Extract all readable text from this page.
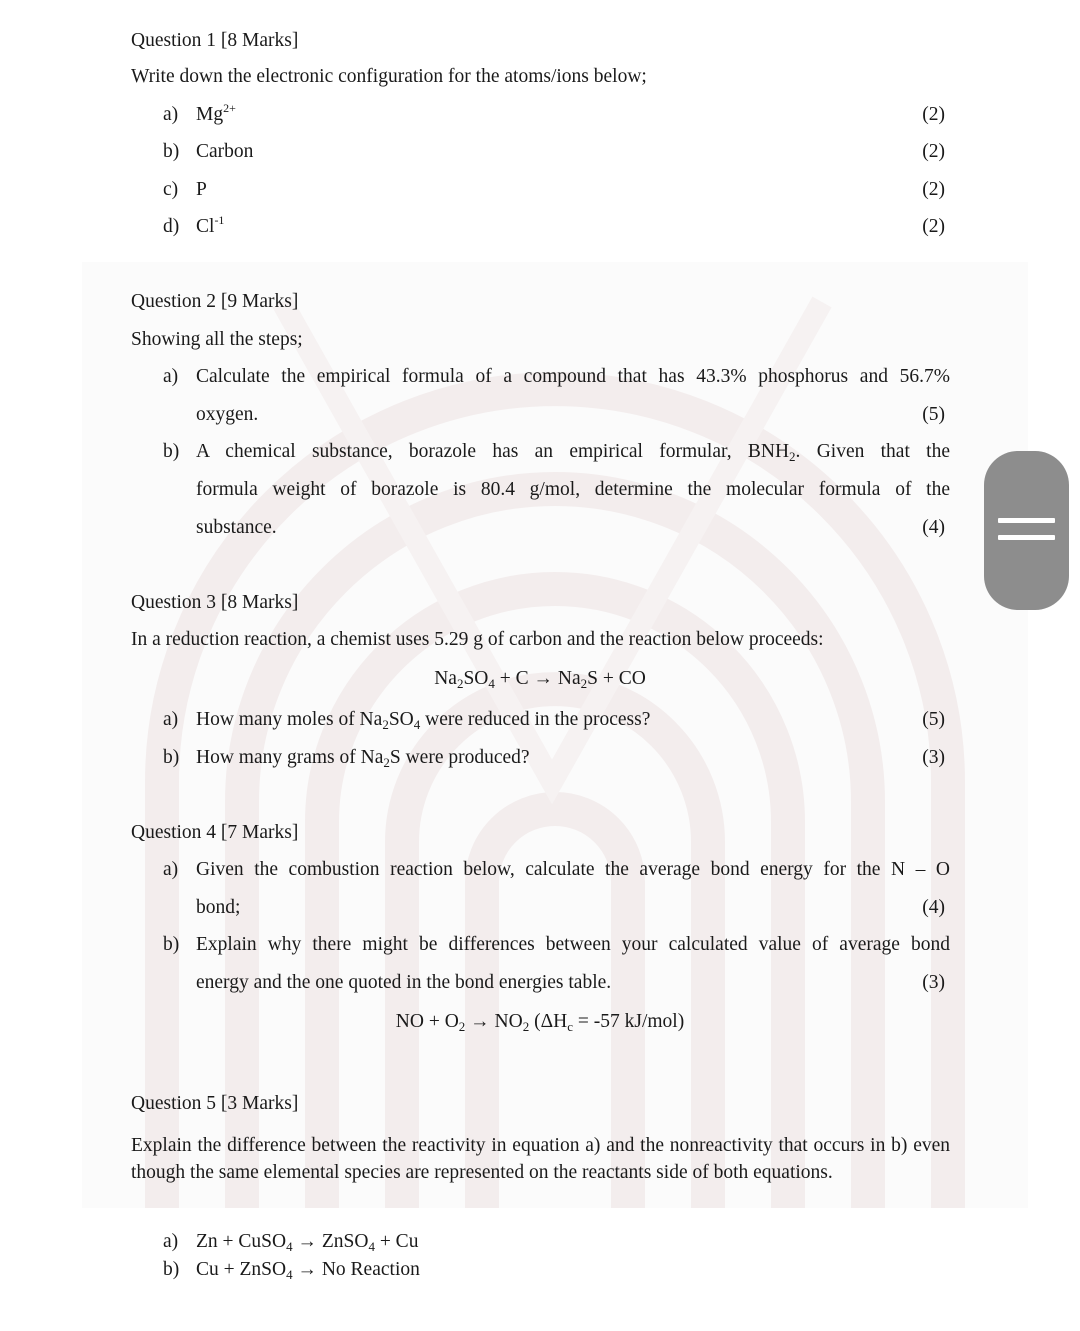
Question 1 [8 Marks]
Write down the electronic configuration for the atoms/ions below;
a) $Mg^{2+}$	(2)
b) Carbon	(2)
c) P	(2)
d) $Cl^{-1}$	(2)
Question 2 [9 Marks]
Showing all the steps;
a) Calculate the empirical formula of a compound that has 43.3% phosphorus and 56.7%
oxygen.	(5)
b) A chemical substance, borazole has an empirical formular, $BNH_2$. Given that the
formula weight of borazole is 80.4 g/mol, determine the molecular formula of the
substance.	(4)
Question 3 [8 Marks]
In a reduction reaction, a chemist uses 5.29 g of carbon and the reaction below proceeds:
$Na_2SO_4 + C \to Na_2S$ + CO
a) How many moles of $Na_2SO_4$ were reduced in the process?	(5)
b) How many grams of $Na_2S$ were produced?	(3)
Question 4 [7 Marks]
a) Given the combustion reaction below, calculate the average bond energy for the N – O
bond;	(4)
b) Explain why there might be differences between your calculated value of average bond
energy and the one quoted in the bond energies table.	(3)
NO + $O_2 \to NO_2$ ($\Delta H_c = -57$ kJ/mol)
Question 5 [3 Marks]
Explain the difference between the reactivity in equation a) and the nonreactivity that occurs in b) even though the same elemental species are represented on the reactants side of both equations.
a) Zn + CuSO$_4$ → ZnSO$_4$ + Cu
b) Cu + ZnSO$_4$ → No Reaction
